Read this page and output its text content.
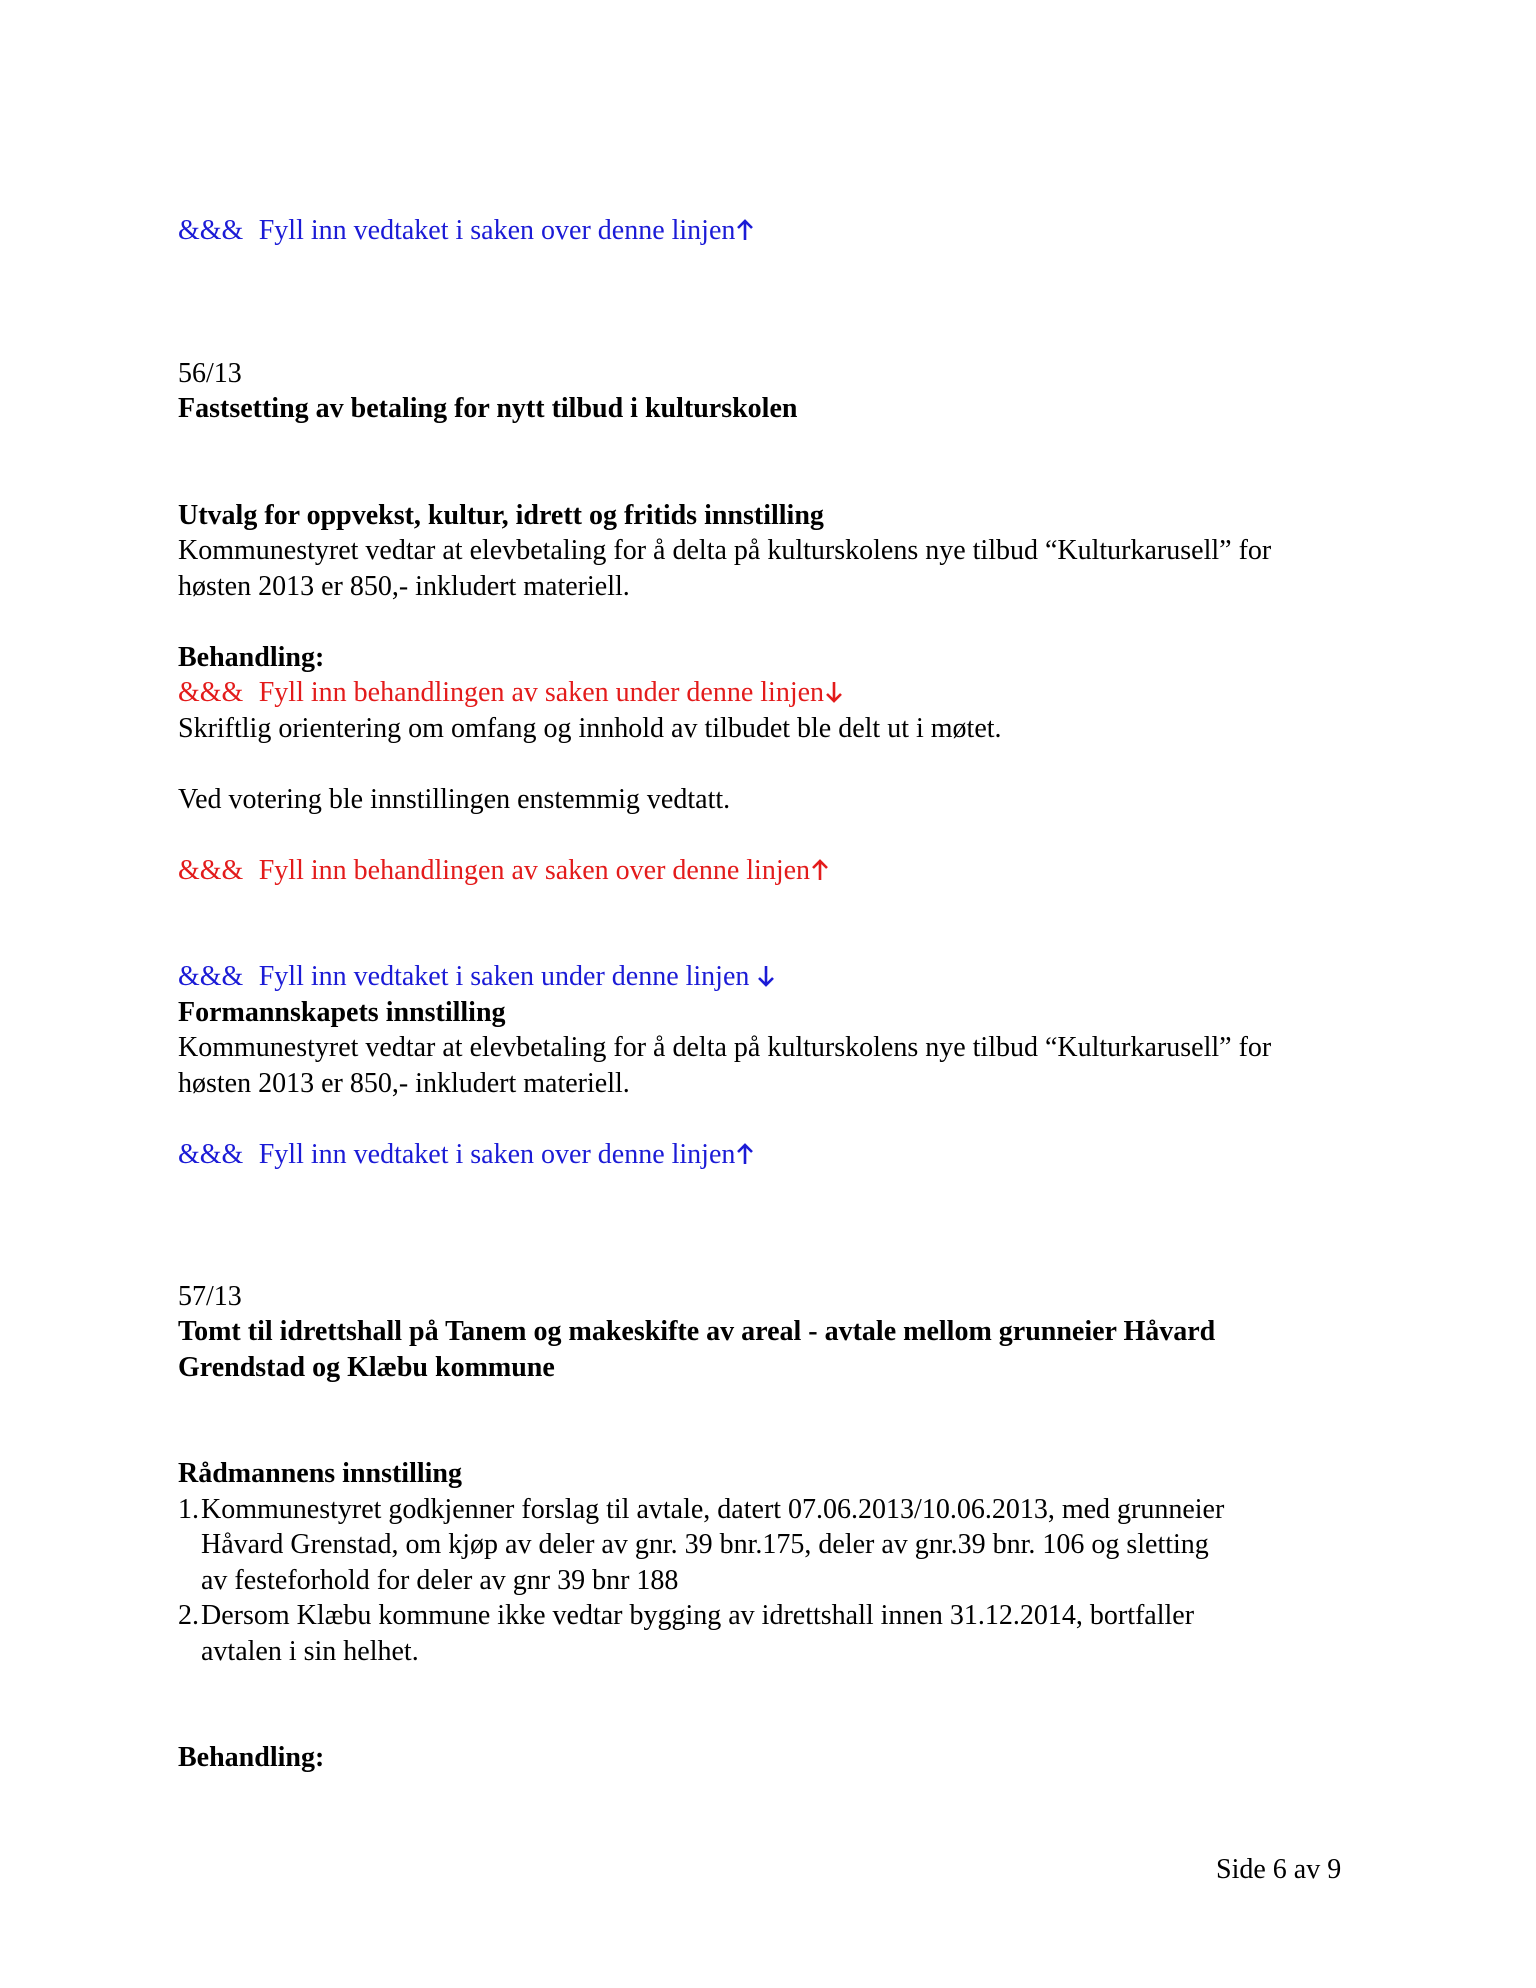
&&& Fyll inn vedtaket i saken over denne linjen

56/13

Fastsetting av betaling for nytt tilbud i kulturskolen

Utvalg for oppvekst, kultur, idrett og fritids innstilling

Kommunestyret vedtar at elevbetaling for å delta på kulturskolens nye tilbud “Kulturkarusell” for

høsten 2013 er 850,- inkludert materiell.

Behandling:

&&& Fyll inn behandlingen av saken under denne linjen

Skriftlig orientering om omfang og innhold av tilbudet ble delt ut i møtet.

Ved votering ble innstillingen enstemmig vedtatt.

&&& Fyll inn behandlingen av saken over denne linjen

&&& Fyll inn vedtaket i saken under denne linjen

Formannskapets innstilling

Kommunestyret vedtar at elevbetaling for å delta på kulturskolens nye tilbud “Kulturkarusell” for

høsten 2013 er 850,- inkludert materiell.

&&& Fyll inn vedtaket i saken over denne linjen

57/13

Tomt til idrettshall på Tanem og makeskifte av areal - avtale mellom grunneier Håvard

Grendstad og Klæbu kommune

Rådmannens innstilling

1. Kommunestyret godkjenner forslag til avtale, datert 07.06.2013/10.06.2013, med grunneier

Håvard Grenstad, om kjøp av deler av gnr. 39 bnr.175, deler av gnr.39 bnr. 106 og sletting

av festeforhold for deler av gnr 39 bnr 188

2. Dersom Klæbu kommune ikke vedtar bygging av idrettshall innen 31.12.2014, bortfaller

avtalen i sin helhet.

Behandling:

Side 6 av 9
